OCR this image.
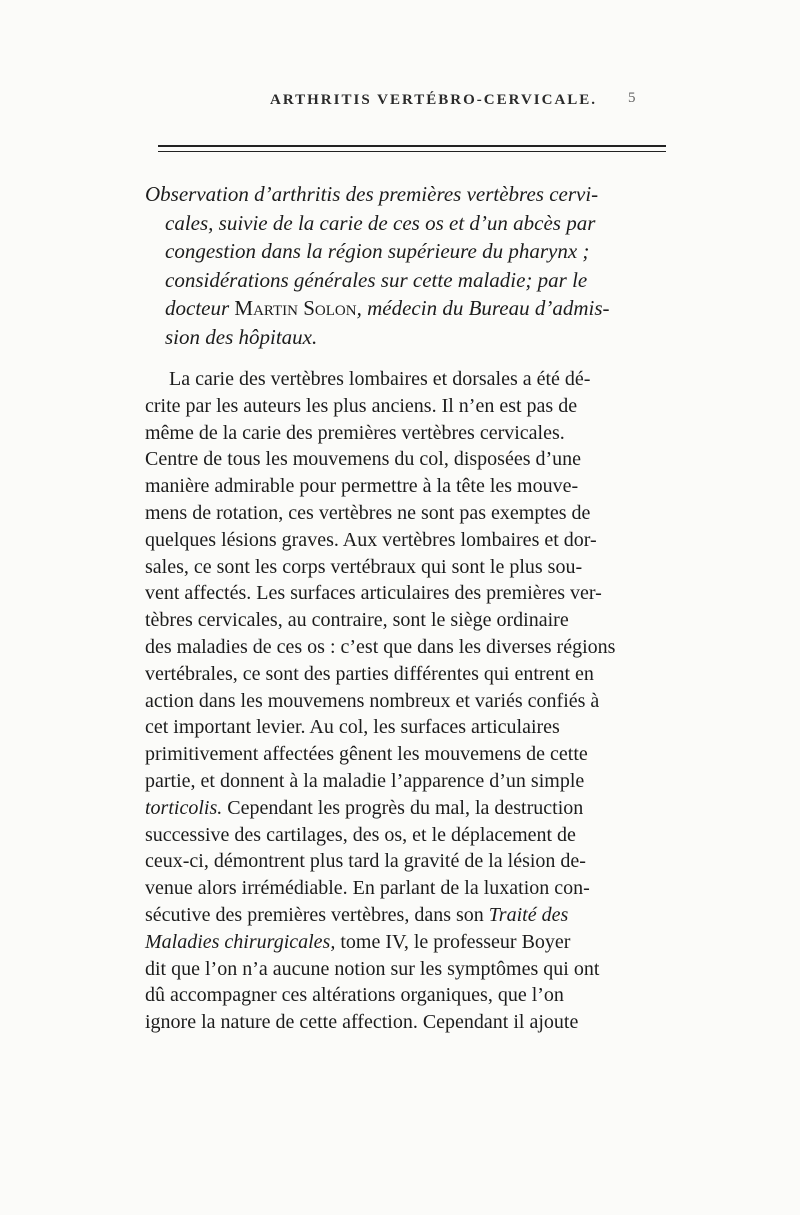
ARTHRITIS VERTÉBRO-CERVICALE. 5
Observation d’arthritis des premières vertèbres cervi-
cales, suivie de la carie de ces os et d’un abcès par
congestion dans la région supérieure du pharynx ;
considérations générales sur cette maladie; par le
docteur Martin Solon, médecin du Bureau d’admis-
sion des hôpitaux.
La carie des vertèbres lombaires et dorsales a été dé-
crite par les auteurs les plus anciens. Il n’en est pas de
même de la carie des premières vertèbres cervicales.
Centre de tous les mouvemens du col, disposées d’une
manière admirable pour permettre à la tête les mouve-
mens de rotation, ces vertèbres ne sont pas exemptes de
quelques lésions graves. Aux vertèbres lombaires et dor-
sales, ce sont les corps vertébraux qui sont le plus sou-
vent affectés. Les surfaces articulaires des premières ver-
tèbres cervicales, au contraire, sont le siège ordinaire
des maladies de ces os : c’est que dans les diverses régions
vertébrales, ce sont des parties différentes qui entrent en
action dans les mouvemens nombreux et variés confiés à
cet important levier. Au col, les surfaces articulaires
primitivement affectées gênent les mouvemens de cette
partie, et donnent à la maladie l’apparence d’un simple
torticolis. Cependant les progrès du mal, la destruction
successive des cartilages, des os, et le déplacement de
ceux-ci, démontrent plus tard la gravité de la lésion de-
venue alors irrémédiable. En parlant de la luxation con-
sécutive des premières vertèbres, dans son Traité des
Maladies chirurgicales, tome IV, le professeur Boyer
dit que l’on n’a aucune notion sur les symptômes qui ont
dû accompagner ces altérations organiques, que l’on
ignore la nature de cette affection. Cependant il ajoute
